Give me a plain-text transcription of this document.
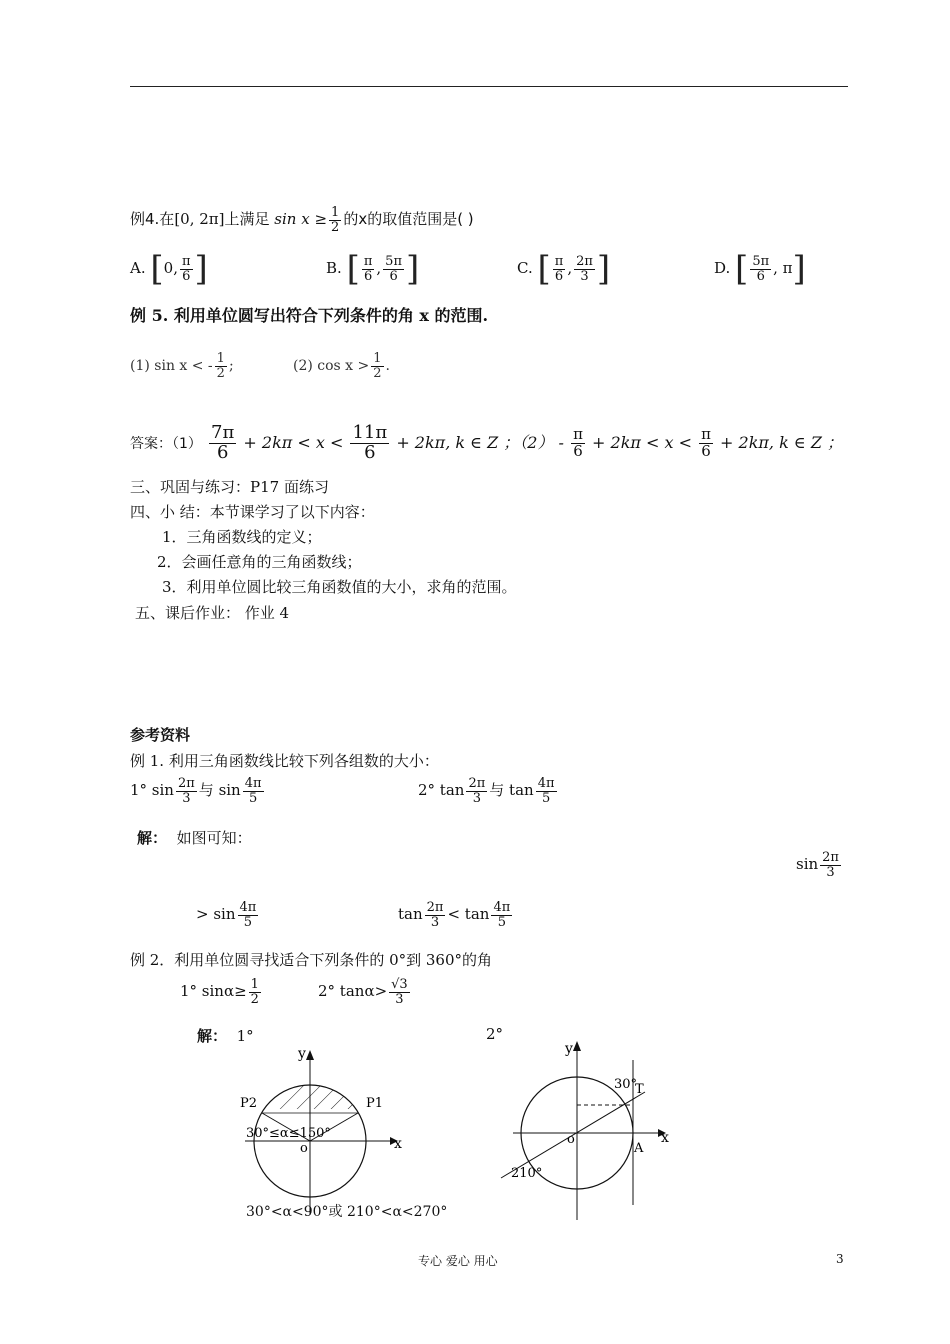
例4.在[0, 2π]上满足 $\sin x \ge \frac{1}{2}$ 的x的取值范围是( )
A. [0, $\frac{\pi}{6}$ ]	B. [ $\frac{\pi}{6}$ , $\frac{5\pi}{6}$ ]	C. [ $\frac{\pi}{6}$ , $\frac{2\pi}{3}$ ]	D. [ $\frac{5\pi}{6}$ , π]
例 5. 利用单位圆写出符合下列条件的角 x 的范围.
(1) sin x < - $\frac{1}{2}$ ;	(2) $\cos x > \frac{1}{2}$ .
答案：$(1) \frac{7\pi}{6} + 2k\pi < x < \frac{11\pi}{6} + 2k\pi$, k ∈ Z ；$(2) - \frac{\pi}{6} + 2k\pi < x < \frac{\pi}{6} + 2k\pi$, k ∈ Z ；
三、巩固与练习：P17 面练习
四、小 结：本节课学习了以下内容：
1．三角函数线的定义；
2．会画任意角的三角函数线；
3．利用单位圆比较三角函数值的大小，求角的范围。
五、课后作业： 作业 4
参考资料
例 1. 利用三角函数线比较下列各组数的大小：
1° $\sin \frac{2\pi}{3}$ 与 $\sin \frac{4\pi}{5}$	2° $\tan \frac{2\pi}{3}$ 与 $\tan \frac{4\pi}{5}$
解： 如图可知：
$\sin \frac{2\pi}{3}$
> $\sin \frac{4\pi}{5}$	$\tan \frac{2\pi}{3} < \tan \frac{4\pi}{5}$
例 2．利用单位圆寻找适合下列条件的 0°到 360°的角
1° $\sin\alpha\ge \frac{1}{2}$	2° $\tan\alpha> \frac{√3}{3}$
解： 1°	2°
y
x
o
P2	P1
30°≤α≤150°
30°<α<90°或 210°<α<270°
y
x
o
T
A
30°
210°
专心 爱心 用心	3
